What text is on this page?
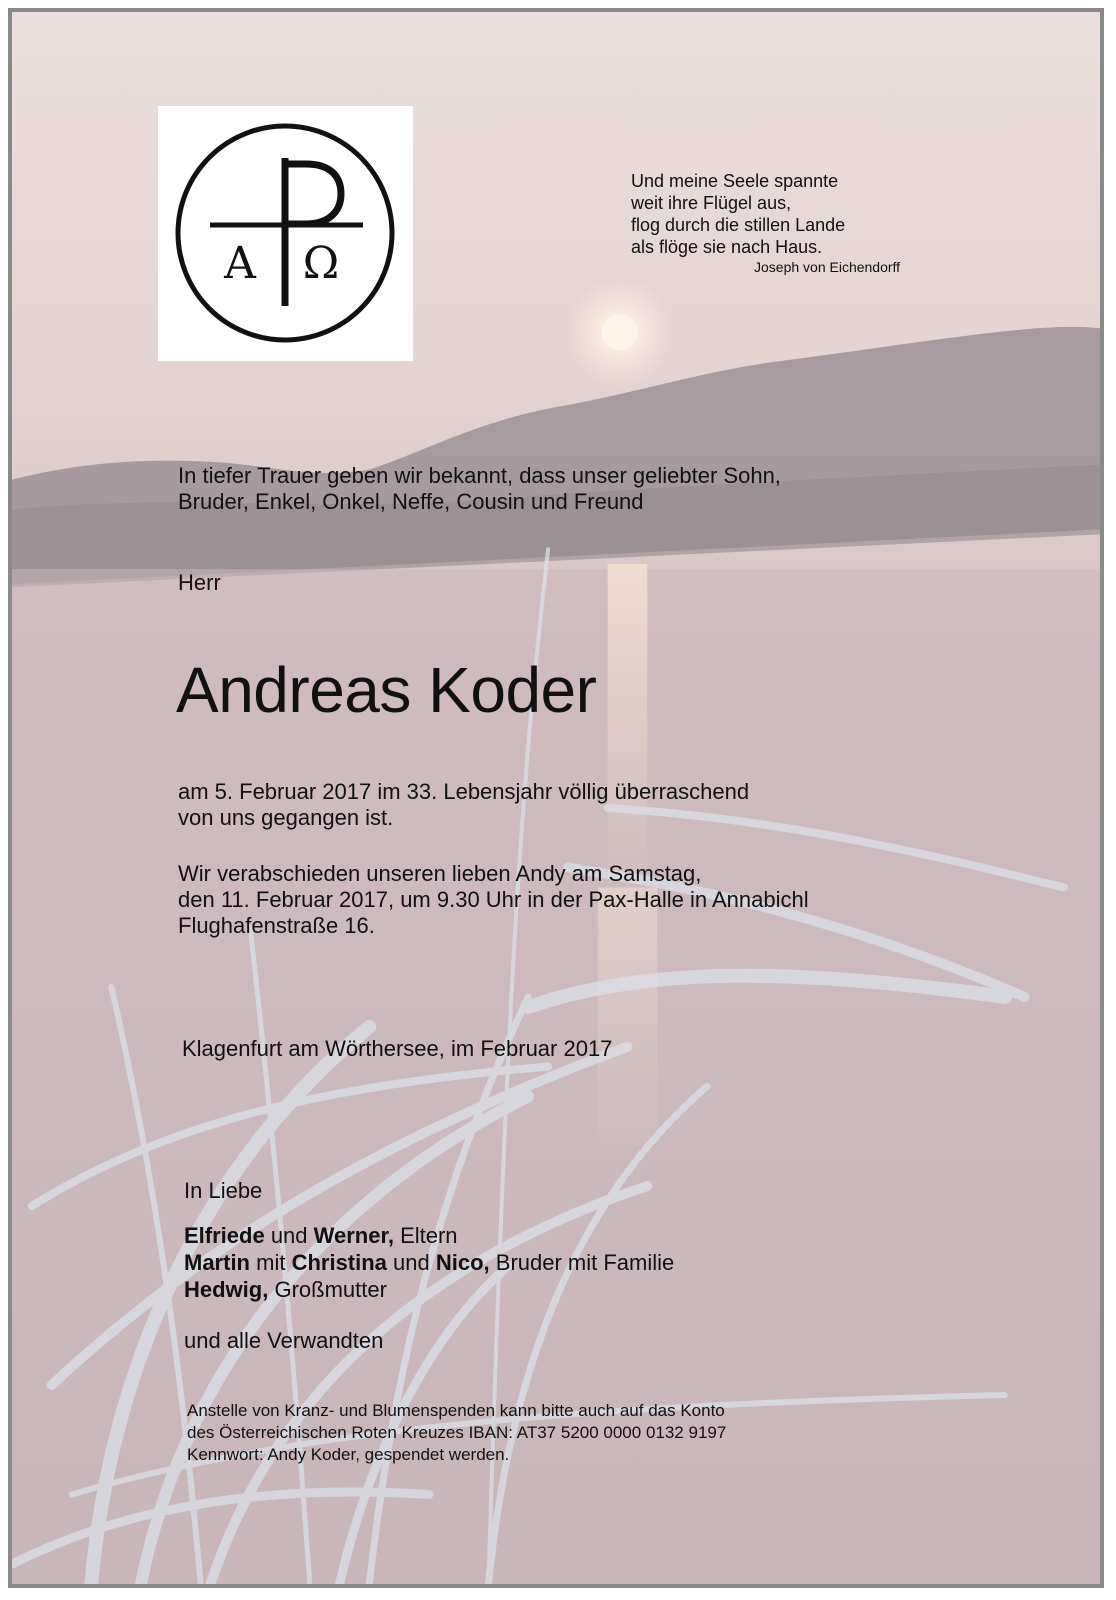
A Ω
Und meine Seele spannte
weit ihre Flügel aus,
flog durch die stillen Lande
als flöge sie nach Haus.
Joseph von Eichendorff
In tiefer Trauer geben wir bekannt, dass unser geliebter Sohn,
Bruder, Enkel, Onkel, Neffe, Cousin und Freund
Herr
Andreas Koder
am 5. Februar 2017 im 33. Lebensjahr völlig überraschend
von uns gegangen ist.
Wir verabschieden unseren lieben Andy am Samstag,
den 11. Februar 2017, um 9.30 Uhr in der Pax-Halle in Annabichl
Flughafenstraße 16.
Klagenfurt am Wörthersee, im Februar 2017
In Liebe
Elfriede und Werner, Eltern
Martin mit Christina und Nico, Bruder mit Familie
Hedwig, Großmutter
und alle Verwandten
Anstelle von Kranz- und Blumenspenden kann bitte auch auf das Konto
des Österreichischen Roten Kreuzes IBAN: AT37 5200 0000 0132 9197
Kennwort: Andy Koder, gespendet werden.
